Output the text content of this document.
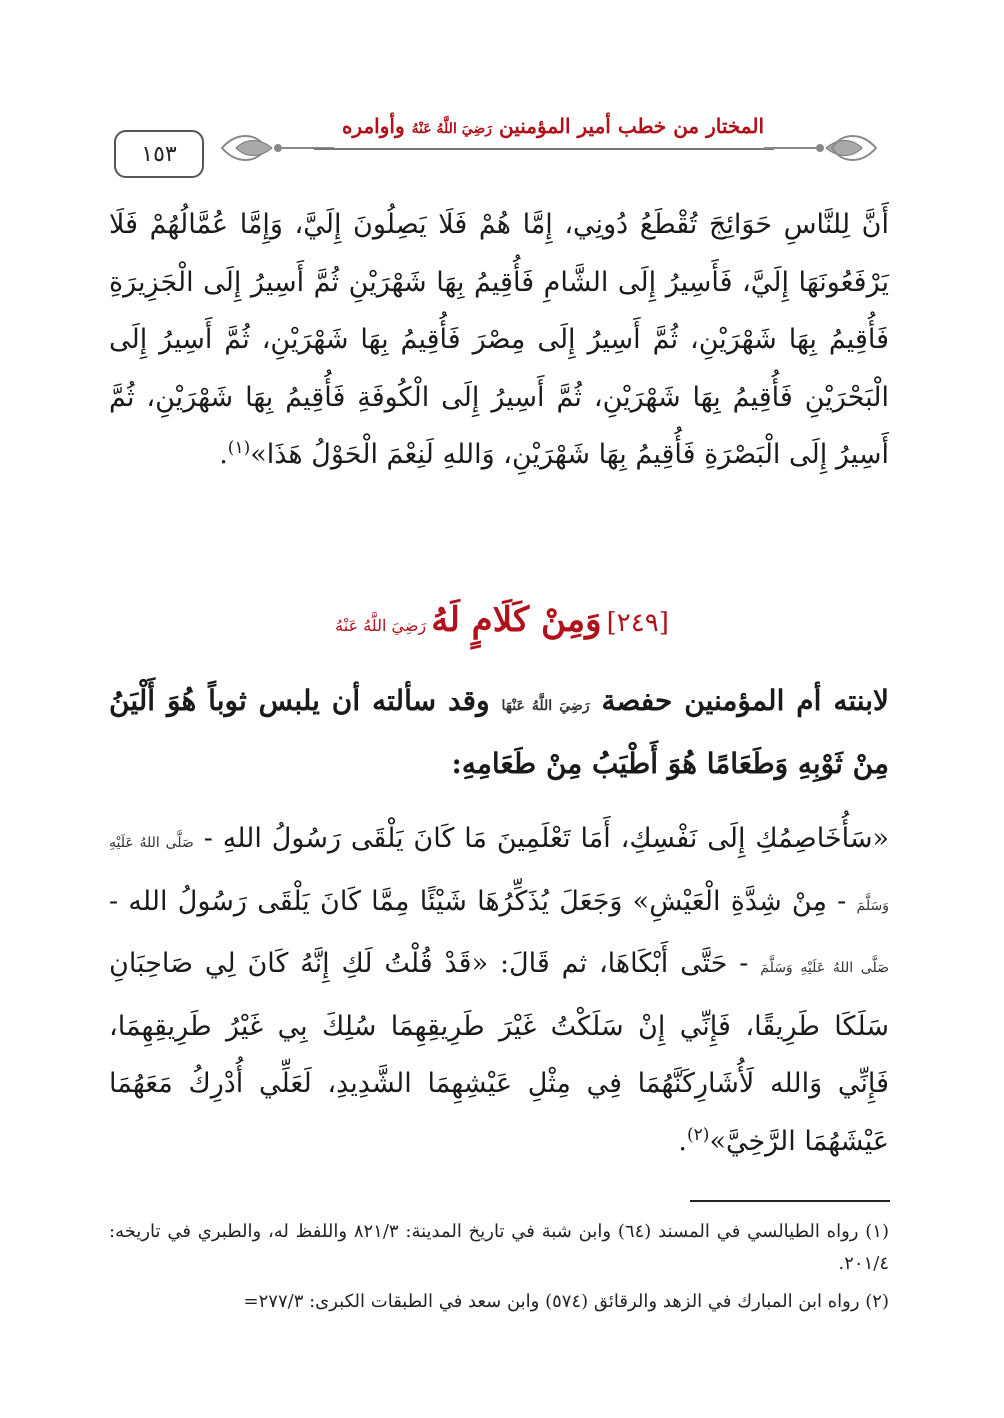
١٥٣
المختار من خطب أمير المؤمنين رَضِيَ اللَّهُ عَنْهُ وأوامره
أَنَّ لِلنَّاسِ حَوَائِجَ تُقْطَعُ دُونِي، إِمَّا هُمْ فَلَا يَصِلُونَ إِلَيَّ، وَإِمَّا عُمَّالُهُمْ فَلَا يَرْفَعُونَهَا إِلَيَّ، فَأَسِيرُ إِلَى الشَّامِ فَأُقِيمُ بِهَا شَهْرَيْنِ ثُمَّ أَسِيرُ إِلَى الْجَزِيرَةِ فَأُقِيمُ بِهَا شَهْرَيْنِ، ثُمَّ أَسِيرُ إِلَى مِصْرَ فَأُقِيمُ بِهَا شَهْرَيْنِ، ثُمَّ أَسِيرُ إِلَى الْبَحْرَيْنِ فَأُقِيمُ بِهَا شَهْرَيْنِ، ثُمَّ أَسِيرُ إِلَى الْكُوفَةِ فَأُقِيمُ بِهَا شَهْرَيْنِ، ثُمَّ أَسِيرُ إِلَى الْبَصْرَةِ فَأُقِيمُ بِهَا شَهْرَيْنِ، وَاللهِ لَنِعْمَ الْحَوْلُ هَذَا»$^{(١)}$.
[٢٤٩] وَمِنْ كَلَامٍ لَهُ رَضِيَ اللَّهُ عَنْهُ
لابنته أم المؤمنين حفصة رَضِيَ اللَّهُ عَنْهَا وقد سألته أن يلبس ثوباً هُوَ أَلْيَنُ مِنْ ثَوْبِهِ وَطَعَامًا هُوَ أَطْيَبُ مِنْ طَعَامِهِ:
«سَأُخَاصِمُكِ إِلَى نَفْسِكِ، أَمَا تَعْلَمِينَ مَا كَانَ يَلْقَى رَسُولُ اللهِ - صَلَّى اللهُ عَلَيْهِ وَسَلَّمَ - مِنْ شِدَّةِ الْعَيْشِ» وَجَعَلَ يُذَكِّرُهَا شَيْئًا مِمَّا كَانَ يَلْقَى رَسُولُ الله - صَلَّى اللهُ عَلَيْهِ وَسَلَّمَ - حَتَّى أَبْكَاهَا، ثم قَالَ: «قَدْ قُلْتُ لَكِ إِنَّهُ كَانَ لِي صَاحِبَانِ سَلَكَا طَرِيقًا، فَإِنِّي إِنْ سَلَكْتُ غَيْرَ طَرِيقِهِمَا سُلِكَ بِي غَيْرُ طَرِيقِهِمَا، فَإِنِّي وَالله لَأُشَارِكَنَّهُمَا فِي مِثْلِ عَيْشِهِمَا الشَّدِيدِ، لَعَلِّي أُدْرِكُ مَعَهُمَا عَيْشَهُمَا الرَّخِيَّ»$^{(٢)}$.

(١) رواه الطيالسي في المسند (٦٤) وابن شبة في تاريخ المدينة: ٨٢١/٣ واللفظ له، والطبري في تاريخه: ٢٠١/٤.

(٢) رواه ابن المبارك في الزهد والرقائق (٥٧٤) وابن سعد في الطبقات الكبرى: ٢٧٧/٣=
